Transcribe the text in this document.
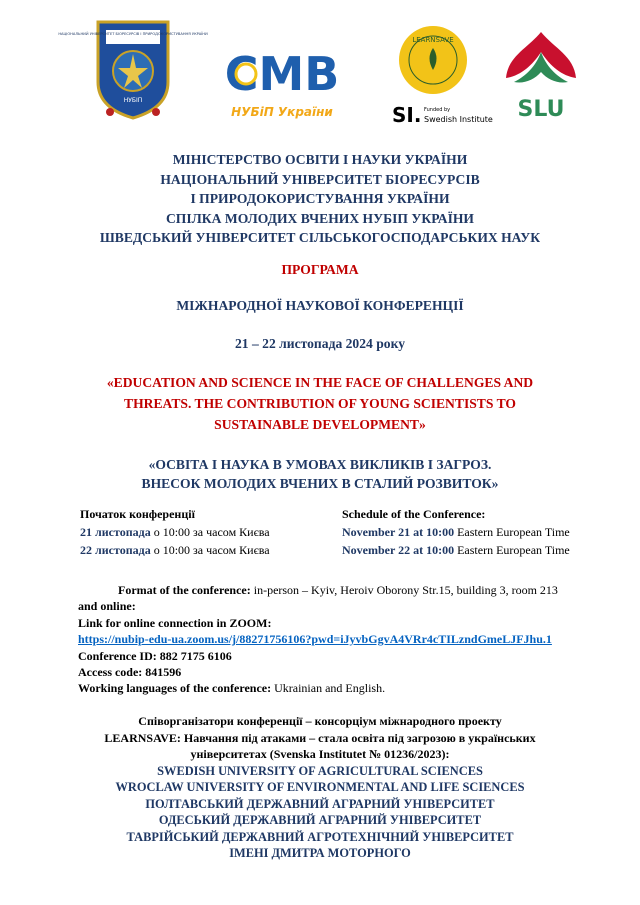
НАЦІОНАЛЬНИЙ УНІВЕРСИТЕТ БІОРЕСУРСІВ І ПРИРОДОКОРИСТУВАННЯ УКРАЇНИ
НУБІП СМВ
НУБіП України
LEARNSAVE
SI. Funded by
Swedish Institute SLU
МІНІСТЕРСТВО ОСВІТИ І НАУКИ УКРАЇНИ
НАЦІОНАЛЬНИЙ УНІВЕРСИТЕТ БІОРЕСУРСІВ
І ПРИРОДОКОРИСТУВАННЯ УКРАЇНИ
СПІЛКА МОЛОДИХ ВЧЕНИХ НУБІП УКРАЇНИ
ШВЕДСЬКИЙ УНІВЕРСИТЕТ СІЛЬСЬКОГОСПОДАРСЬКИХ НАУК
ПРОГРАМА
МІЖНАРОДНОЇ НАУКОВОЇ КОНФЕРЕНЦІЇ
21 – 22 листопада 2024 року
«EDUCATION AND SCIENCE IN THE FACE OF CHALLENGES AND
THREATS. THE CONTRIBUTION OF YOUNG SCIENTISTS TO
SUSTAINABLE DEVELOPMENT»
«ОСВІТА І НАУКА В УМОВАХ ВИКЛИКІВ І ЗАГРОЗ.
ВНЕСОК МОЛОДИХ ВЧЕНИХ В СТАЛИЙ РОЗВИТОК»
Початок конференції
21 листопада о 10:00 за часом Києва
22 листопада о 10:00 за часом Києва
Schedule of the Conference:
November 21 at 10:00 Eastern European Time
November 22 at 10:00 Eastern European Time
Format of the conference: in-person – Kyiv, Heroiv Oborony Str.15, building 3, room 213
and online:
Link for online connection in ZOOM:
https://nubip-edu-ua.zoom.us/j/88271756106?pwd=iJyvbGgvA4VRr4cTILzndGmeLJFJhu.1
Conference ID: 882 7175 6106
Access code: 841596
Working languages of the conference: Ukrainian and English.
Співорганізатори конференції – консорціум міжнародного проекту
LEARNSAVE: Навчання під атаками – стала освіта під загрозою в українських
університетах (Svenska Institutet № 01236/2023):
SWEDISH UNIVERSITY OF AGRICULTURAL SCIENCES
WROCLAW UNIVERSITY OF ENVIRONMENTAL AND LIFE SCIENCES
ПОЛТАВСЬКИЙ ДЕРЖАВНИЙ АГРАРНИЙ УНІВЕРСИТЕТ
ОДЕСЬКИЙ ДЕРЖАВНИЙ АГРАРНИЙ УНІВЕРСИТЕТ
ТАВРІЙСЬКИЙ ДЕРЖАВНИЙ АГРОТЕХНІЧНИЙ УНІВЕРСИТЕТ
ІМЕНІ ДМИТРА МОТОРНОГО
